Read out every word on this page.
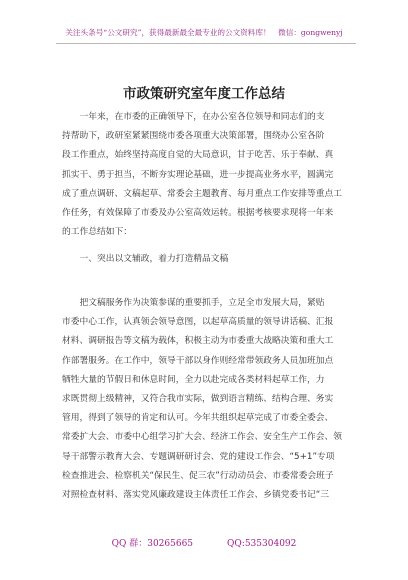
关注头条号“公文研究”，获得最新最全最专业的公文资料库！　微信：gongwenyj
市政策研究室年度工作总结
　　一年来，在市委的正确领导下，在办公室各位领导和同志们的支
持帮助下，政研室紧紧围绕市委各项重大决策部署，围绕办公室各阶
段工作重点，始终坚持高度自觉的大局意识，甘于吃苦、乐于奉献、真
抓实干、勇于担当，不断夯实理论基础，进一步提高业务水平，圆满完
成了重点调研、文稿起草、常委会主题教育、每月重点工作安排等重点工
作任务，有效保障了市委及办公室高效运转。根据考核要求现将一年来
的工作总结如下：
　　一、突出以文辅政，着力打造精品文稿
　　把文稿服务作为决策参谋的重要抓手，立足全市发展大局，紧贴
市委中心工作，认真领会领导意图，以起草高质量的领导讲话稿、汇报
材料、调研报告等文稿为载体，积极主动为市委重大战略决策和重大工
作部署服务。在工作中，领导干部以身作则经常带领政务人员加班加点
牺牲大量的节假日和休息时间，全力以赴完成各类材料起草工作，力
求既贯彻上级精神，又符合我市实际，做到语言精练、结构合理、务实
管用，得到了领导的肯定和认可。今年共组织起草完成了市委全委会、
常委扩大会、市委中心组学习扩大会、经济工作会、安全生产工作会、领
导干部警示教育大会、专题调研研讨会、党的建设工作会、“5+1”专项
检查推进会、检察机关“保民生、促三农”行动动员会、市委常委会班子
对照检查材料、落实党风廉政建设主体责任工作会、乡镇党委书记“三
QQ 群：30265665	QQ:535304092
